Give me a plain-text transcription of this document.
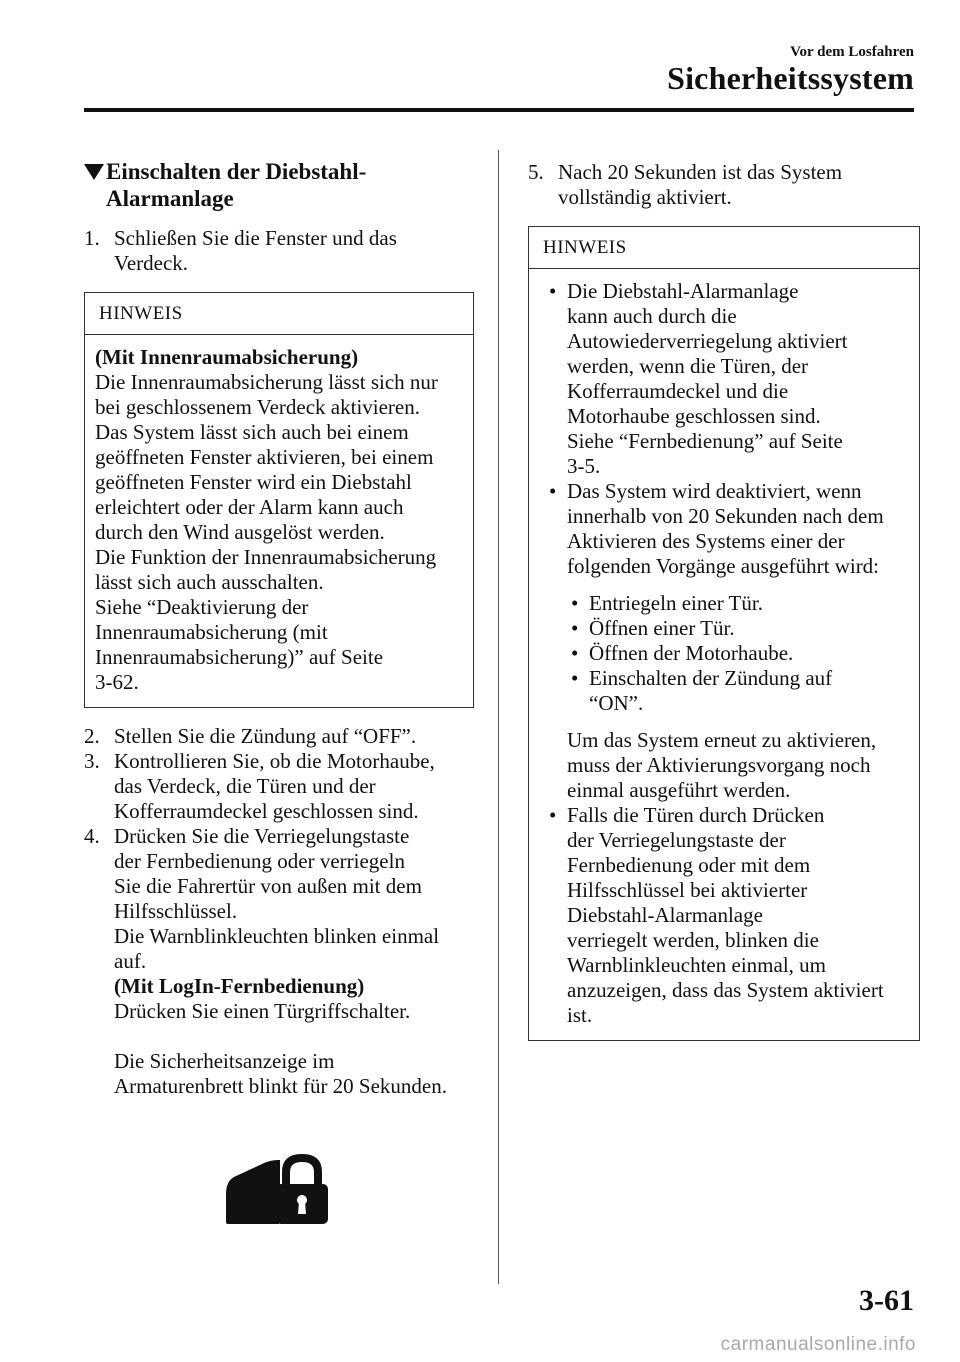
Vor dem Losfahren
Sicherheitssystem
Einschalten der Diebstahl-
Alarmanlage
1. Schließen Sie die Fenster und das
Verdeck.
HINWEIS
(Mit Innenraumabsicherung)
Die Innenraumabsicherung lässt sich nur
bei geschlossenem Verdeck aktivieren.
Das System lässt sich auch bei einem
geöffneten Fenster aktivieren, bei einem
geöffneten Fenster wird ein Diebstahl
erleichtert oder der Alarm kann auch
durch den Wind ausgelöst werden.
Die Funktion der Innenraumabsicherung
lässt sich auch ausschalten.
Siehe “Deaktivierung der
Innenraumabsicherung (mit
Innenraumabsicherung)” auf Seite
3-62.
2. Stellen Sie die Zündung auf “OFF”.
3. Kontrollieren Sie, ob die Motorhaube,
das Verdeck, die Türen und der
Kofferraumdeckel geschlossen sind.
4. Drücken Sie die Verriegelungstaste
der Fernbedienung oder verriegeln
Sie die Fahrertür von außen mit dem
Hilfsschlüssel.
Die Warnblinkleuchten blinken einmal
auf.
(Mit LogIn-Fernbedienung)
Drücken Sie einen Türgriffschalter.
Die Sicherheitsanzeige im
Armaturenbrett blinkt für 20 Sekunden.
5. Nach 20 Sekunden ist das System
vollständig aktiviert.
HINWEIS
• Die Diebstahl-Alarmanlage
kann auch durch die
Autowiederverriegelung aktiviert
werden, wenn die Türen, der
Kofferraumdeckel und die
Motorhaube geschlossen sind.
Siehe “Fernbedienung” auf Seite
3-5.
• Das System wird deaktiviert, wenn
innerhalb von 20 Sekunden nach dem
Aktivieren des Systems einer der
folgenden Vorgänge ausgeführt wird:
• Entriegeln einer Tür.
• Öffnen einer Tür.
• Öffnen der Motorhaube.
• Einschalten der Zündung auf
“ON”.
Um das System erneut zu aktivieren,
muss der Aktivierungsvorgang noch
einmal ausgeführt werden.
• Falls die Türen durch Drücken
der Verriegelungstaste der
Fernbedienung oder mit dem
Hilfsschlüssel bei aktivierter
Diebstahl-Alarmanlage
verriegelt werden, blinken die
Warnblinkleuchten einmal, um
anzuzeigen, dass das System aktiviert
ist.
3-61
carmanualsonline.info
